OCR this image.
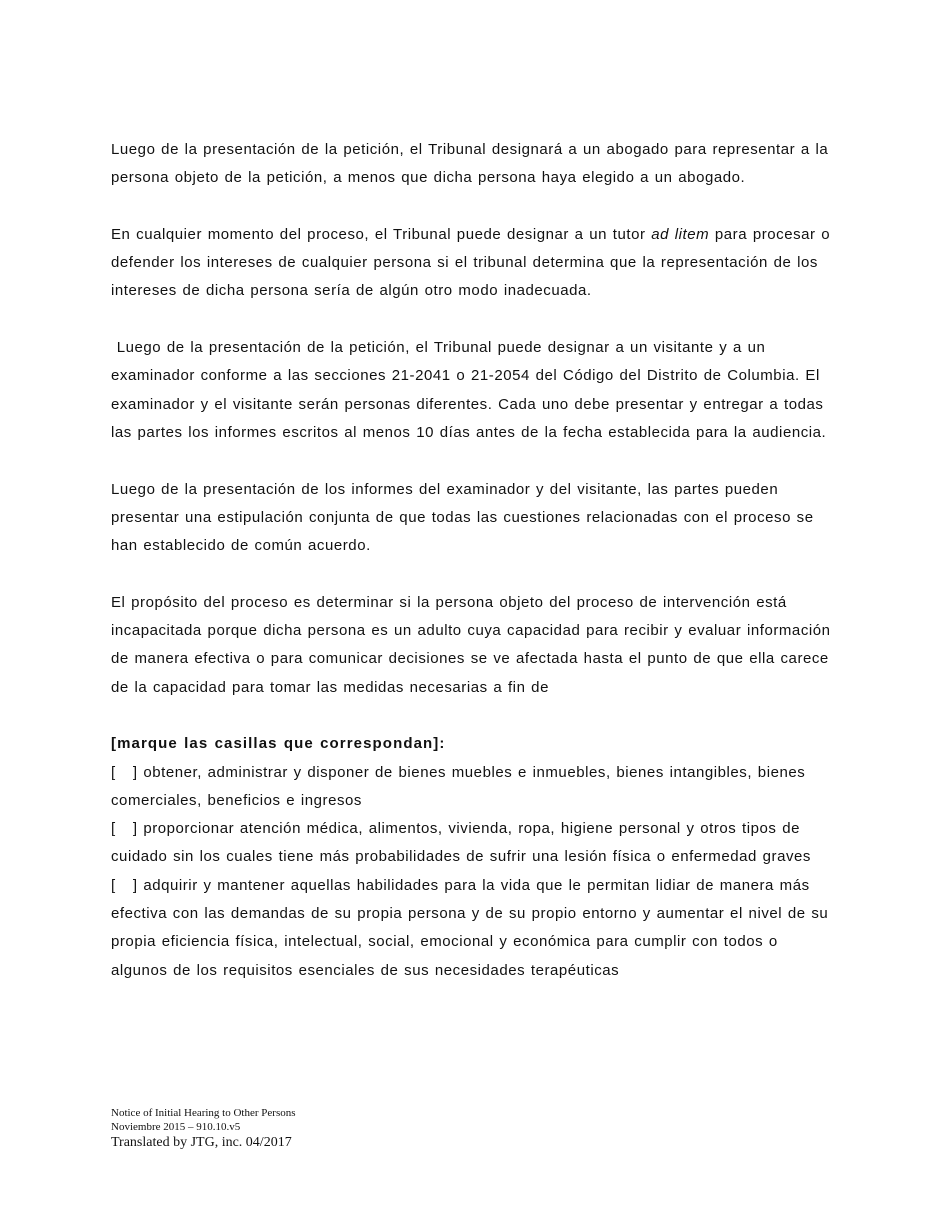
Luego de la presentación de la petición, el Tribunal designará a un abogado para representar a la persona objeto de la petición, a menos que dicha persona haya elegido a un abogado.

En cualquier momento del proceso, el Tribunal puede designar a un tutor ad litem para procesar o defender los intereses de cualquier persona si el tribunal determina que la representación de los intereses de dicha persona sería de algún otro modo inadecuada.

Luego de la presentación de la petición, el Tribunal puede designar a un visitante y a un examinador conforme a las secciones 21-2041 o 21-2054 del Código del Distrito de Columbia. El examinador y el visitante serán personas diferentes. Cada uno debe presentar y entregar a todas las partes los informes escritos al menos 10 días antes de la fecha establecida para la audiencia.

Luego de la presentación de los informes del examinador y del visitante, las partes pueden presentar una estipulación conjunta de que todas las cuestiones relacionadas con el proceso se han establecido de común acuerdo.

El propósito del proceso es determinar si la persona objeto del proceso de intervención está incapacitada porque dicha persona es un adulto cuya capacidad para recibir y evaluar información de manera efectiva o para comunicar decisiones se ve afectada hasta el punto de que ella carece de la capacidad para tomar las medidas necesarias a fin de

[marque las casillas que correspondan]:

[   ] obtener, administrar y disponer de bienes muebles e inmuebles, bienes intangibles, bienes comerciales, beneficios e ingresos

[   ] proporcionar atención médica, alimentos, vivienda, ropa, higiene personal y otros tipos de cuidado sin los cuales tiene más probabilidades de sufrir una lesión física o enfermedad graves

[   ] adquirir y mantener aquellas habilidades para la vida que le permitan lidiar de manera más efectiva con las demandas de su propia persona y de su propio entorno y aumentar el nivel de su propia eficiencia física, intelectual, social, emocional y económica para cumplir con todos o algunos de los requisitos esenciales de sus necesidades terapéuticas

Notice of Initial Hearing to Other Persons
Noviembre 2015 – 910.10.v5
Translated by JTG, inc. 04/2017
